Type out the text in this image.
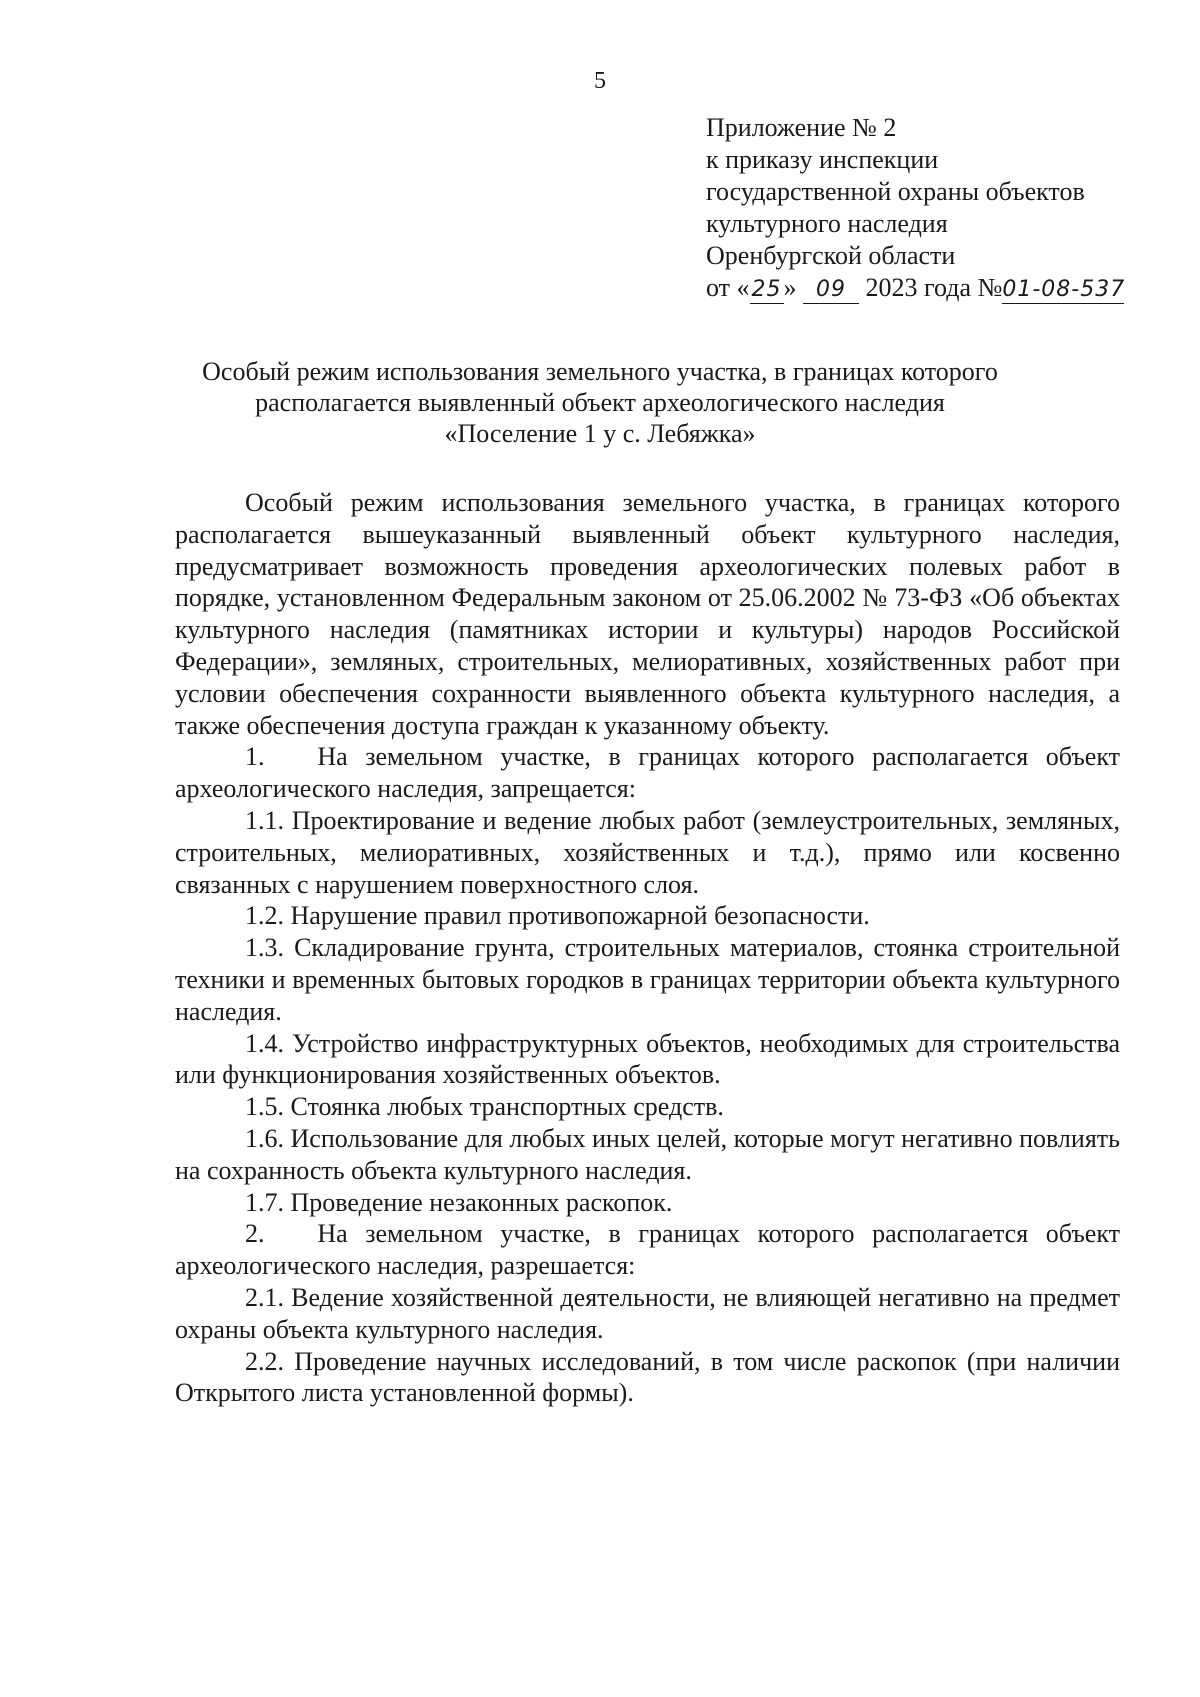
5
Приложение № 2
к приказу инспекции
государственной охраны объектов
культурного наследия
Оренбургской области
от «25» 09 2023 года №01-08-537
Особый режим использования земельного участка, в границах которого
располагается выявленный объект археологического наследия
«Поселение 1 у с. Лебяжка»

Особый режим использования земельного участка, в границах которого располагается вышеуказанный выявленный объект культурного наследия, предусматривает возможность проведения археологических полевых работ в порядке, установленном Федеральным законом от 25.06.2002 № 73-ФЗ «Об объектах культурного наследия (памятниках истории и культуры) народов Российской Федерации», земляных, строительных, мелиоративных, хозяйственных работ при условии обеспечения сохранности выявленного объекта культурного наследия, а также обеспечения доступа граждан к указанному объекту.

1.   На земельном участке, в границах которого располагается объект археологического наследия, запрещается:

1.1. Проектирование и ведение любых работ (землеустроительных, земляных, строительных, мелиоративных, хозяйственных и т.д.), прямо или косвенно связанных с нарушением поверхностного слоя.

1.2. Нарушение правил противопожарной безопасности.

1.3. Складирование грунта, строительных материалов, стоянка строительной техники и временных бытовых городков в границах территории объекта культурного наследия.

1.4. Устройство инфраструктурных объектов, необходимых для строительства или функционирования хозяйственных объектов.

1.5. Стоянка любых транспортных средств.

1.6. Использование для любых иных целей, которые могут негативно повлиять на сохранность объекта культурного наследия.

1.7. Проведение незаконных раскопок.

2.   На земельном участке, в границах которого располагается объект археологического наследия, разрешается:

2.1. Ведение хозяйственной деятельности, не влияющей негативно на предмет охраны объекта культурного наследия.

2.2. Проведение научных исследований, в том числе раскопок (при наличии Открытого листа установленной формы).
